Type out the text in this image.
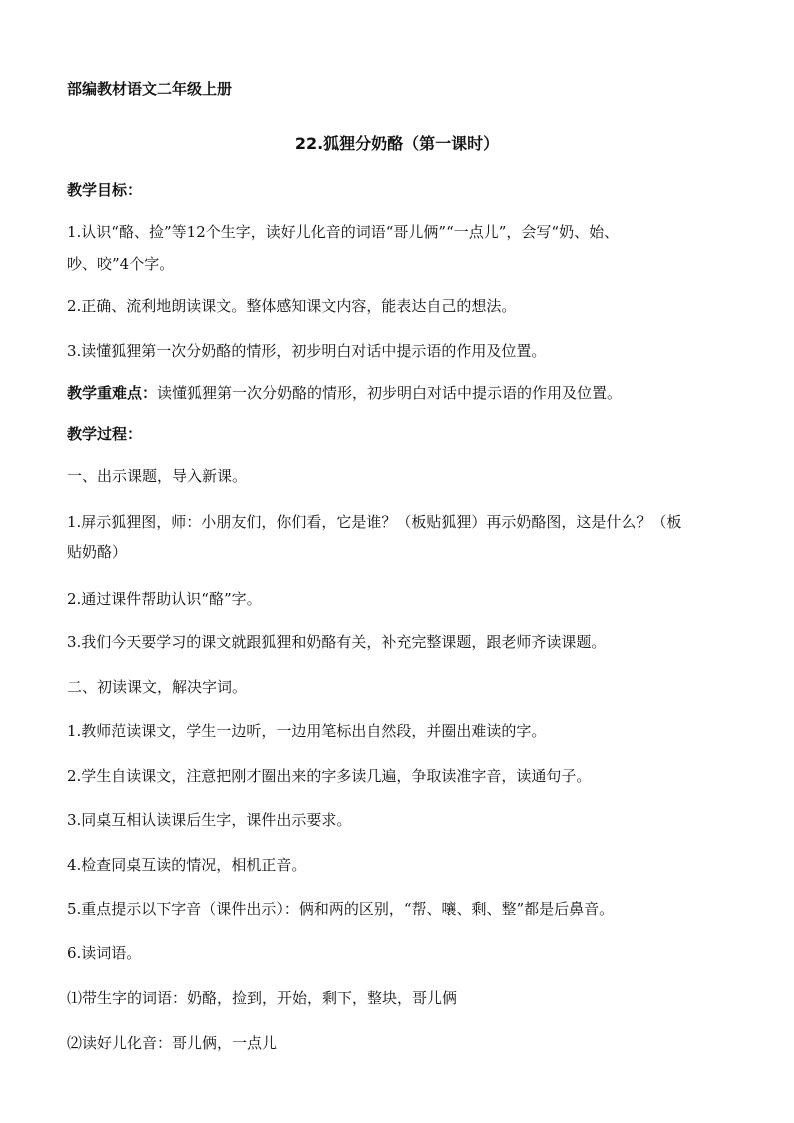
部编教材语文二年级上册
22.狐狸分奶酪（第一课时）
教学目标：
1.认识“酪、捡”等12个生字，读好儿化音的词语“哥儿俩”“一点儿”，会写“奶、始、
吵、咬”4个字。
2.正确、流利地朗读课文。整体感知课文内容，能表达自己的想法。
3.读懂狐狸第一次分奶酪的情形，初步明白对话中提示语的作用及位置。
教学重难点：读懂狐狸第一次分奶酪的情形，初步明白对话中提示语的作用及位置。
教学过程：
一、出示课题，导入新课。
1.屏示狐狸图，师：小朋友们，你们看，它是谁？（板贴狐狸）再示奶酪图，这是什么？（板
贴奶酪）
2.通过课件帮助认识“酪”字。
3.我们今天要学习的课文就跟狐狸和奶酪有关，补充完整课题，跟老师齐读课题。
二、初读课文，解决字词。
1.教师范读课文，学生一边听，一边用笔标出自然段，并圈出难读的字。
2.学生自读课文，注意把刚才圈出来的字多读几遍，争取读准字音，读通句子。
3.同桌互相认读课后生字，课件出示要求。
4.检查同桌互读的情况，相机正音。
5.重点提示以下字音（课件出示）：俩和两的区别，“帮、嚷、剩、整”都是后鼻音。
6.读词语。
⑴带生字的词语：奶酪，捡到，开始，剩下，整块，哥儿俩
⑵读好儿化音：哥儿俩，一点儿
